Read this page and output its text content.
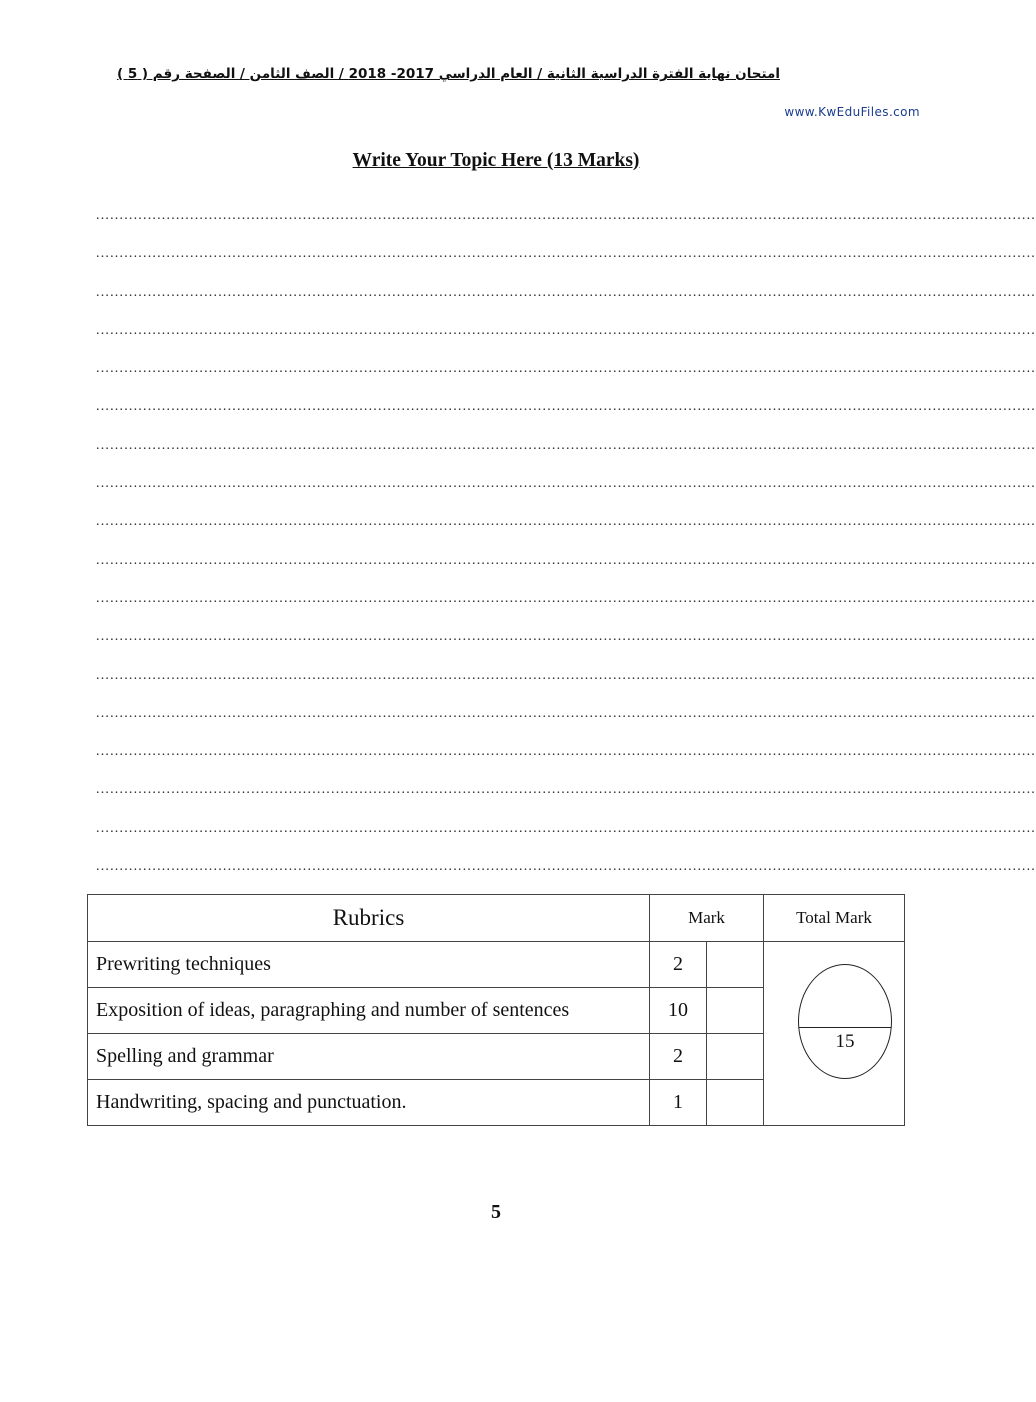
امتحان نهاية الفترة الدراسية الثانية / العام الدراسي 2017- 2018 / الصف الثامن / الصفحة رقم ( 5 )
www.KwEduFiles.com
Write Your Topic Here (13 Marks)
........................................................................................................................................................................................................
........................................................................................................................................................................................................
........................................................................................................................................................................................................
........................................................................................................................................................................................................
........................................................................................................................................................................................................
........................................................................................................................................................................................................
........................................................................................................................................................................................................
........................................................................................................................................................................................................
........................................................................................................................................................................................................
........................................................................................................................................................................................................
........................................................................................................................................................................................................
........................................................................................................................................................................................................
........................................................................................................................................................................................................
........................................................................................................................................................................................................
........................................................................................................................................................................................................
........................................................................................................................................................................................................
........................................................................................................................................................................................................
........................................................................................................................................................................................................
Rubrics	Mark		Total Mark
Prewriting techniques	2		15

Exposition of ideas, paragraphing and number of sentences	10		
Spelling and grammar	2		
Handwriting, spacing and punctuation.	1		
5
